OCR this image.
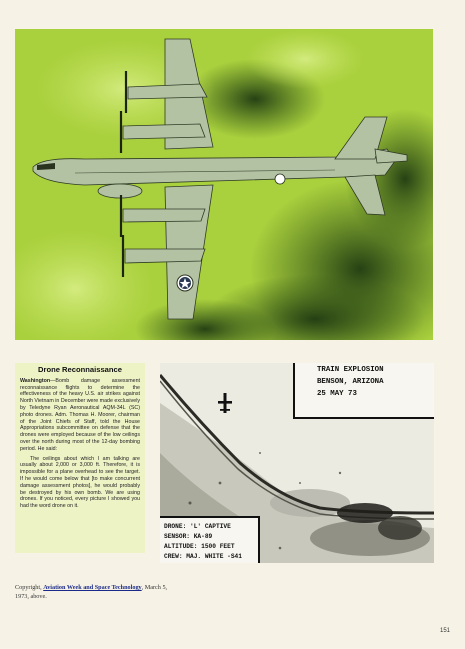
Drone Reconnaissance

Washington—Bomb damage assessment reconnaissance flights to determine the effectiveness of the heavy U.S. air strikes against North Vietnam in December were made exclusively by Teledyne Ryan Aeronautical AQM-34L (SC) photo drones. Adm. Thomas H. Moorer, chairman of the Joint Chiefs of Staff, told the House Appropriations subcommittee on defense that the drones were employed because of the low ceilings over the north during most of the 12-day bombing period. He said:

The ceilings about which I am talking are usually about 2,000 or 3,000 ft. Therefore, it is impossible for a plane overhead to see the target. If he would come below that [to make concurrent damage assessment photos], he would probably be destroyed by his own bomb. We are using drones. If you noticed, every picture I showed you had the word drone on it.

TRAIN EXPLOSION
BENSON, ARIZONA
25 MAY 73
DRONE: 'L' CAPTIVE
SENSOR: KA-89
ALTITUDE: 1500 FEET
CREW: MAJ. WHITE -S41
Copyright, Aviation Week and Space Technology, March 5, 1973, above.
151
